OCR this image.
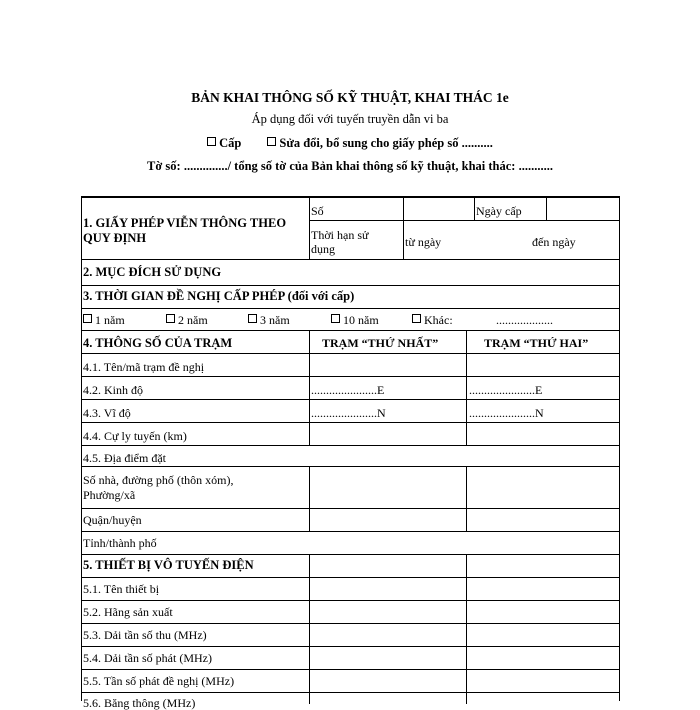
BẢN KHAI THÔNG SỐ KỸ THUẬT, KHAI THÁC 1e
Áp dụng đối với tuyến truyền dẫn vi ba
Cấp	Sửa đổi, bổ sung cho giấy phép số ..........
Tờ số: ............../ tổng số tờ của Bản khai thông số kỹ thuật, khai thác: ...........
1. GIẤY PHÉP VIỄN THÔNG THEO
QUY ĐỊNH
Số	Ngày cấp
Thời hạn sử
dụng	từ ngày	đến ngày
2. MỤC ĐÍCH SỬ DỤNG
3. THỜI GIAN ĐỀ NGHỊ CẤP PHÉP (đối với cấp)
1 năm	2 năm	3 năm	10 năm	Khác:	...................
4. THÔNG SỐ CỦA TRẠM	TRẠM “THỨ NHẤT”	TRẠM “THỨ HAI”
4.1. Tên/mã trạm đề nghị
4.2. Kinh độ	......................E	......................E
4.3. Vĩ độ	......................N	......................N
4.4. Cự ly tuyến (km)
4.5. Địa điểm đặt
Số nhà, đường phố (thôn xóm),
Phường/xã
Quận/huyện
Tỉnh/thành phố
5. THIẾT BỊ VÔ TUYẾN ĐIỆN
5.1. Tên thiết bị
5.2. Hãng sản xuất
5.3. Dải tần số thu (MHz)
5.4. Dải tần số phát (MHz)
5.5. Tần số phát đề nghị (MHz)
5.6. Băng thông (MHz)
